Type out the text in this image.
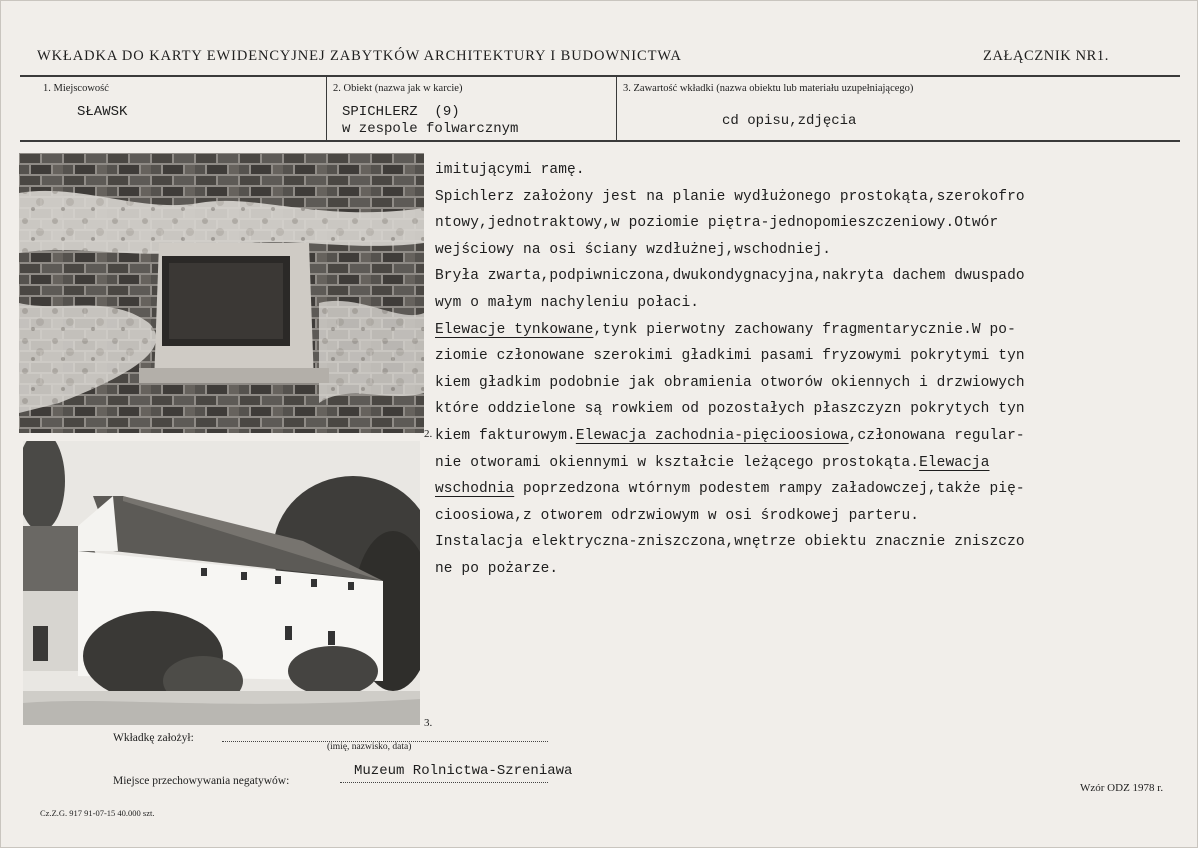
WKŁADKA DO KARTY EWIDENCYJNEJ ZABYTKÓW ARCHITEKTURY I BUDOWNICTWA	ZAŁĄCZNIK NR1.
1. Miejscowość
SŁAWSK
2. Obiekt (nazwa jak w karcie)
SPICHLERZ  (9)
w zespole folwarcznym
3. Zawartość wkładki (nazwa obiektu lub materiału uzupełniającego)
cd opisu,zdjęcia
2.
3.
imitującymi ramę.
Spichlerz założony jest na planie wydłużonego prostokąta,szerokofro
ntowy,jednotraktowy,w poziomie piętra-jednopomieszczeniowy.Otwór
wejściowy na osi ściany wzdłużnej,wschodniej.
Bryła zwarta,podpiwniczona,dwukondygnacyjna,nakryta dachem dwuspado
wym o małym nachyleniu połaci.
Elewacje tynkowane,tynk pierwotny zachowany fragmentarycznie.W po-
ziomie członowane szerokimi gładkimi pasami fryzowymi pokrytymi tyn
kiem gładkim podobnie jak obramienia otworów okiennych i drzwiowych
które oddzielone są rowkiem od pozostałych płaszczyzn pokrytych tyn
kiem fakturowym.Elewacja zachodnia-pięcioosiowa,członowana regular-
nie otworami okiennymi w kształcie leżącego prostokąta.Elewacja
wschodnia poprzedzona wtórnym podestem rampy załadowczej,także pię-
cioosiowa,z otworem odrzwiowym w osi środkowej parteru.
Instalacja elektryczna-zniszczona,wnętrze obiektu znacznie zniszczo
ne po pożarze.
Wkładkę założył:
(imię, nazwisko, data)
Miejsce przechowywania negatywów:
Muzeum Rolnictwa-Szreniawa
Cz.Z.G. 917 91-07-15 40.000 szt.
Wzór ODZ 1978 r.
